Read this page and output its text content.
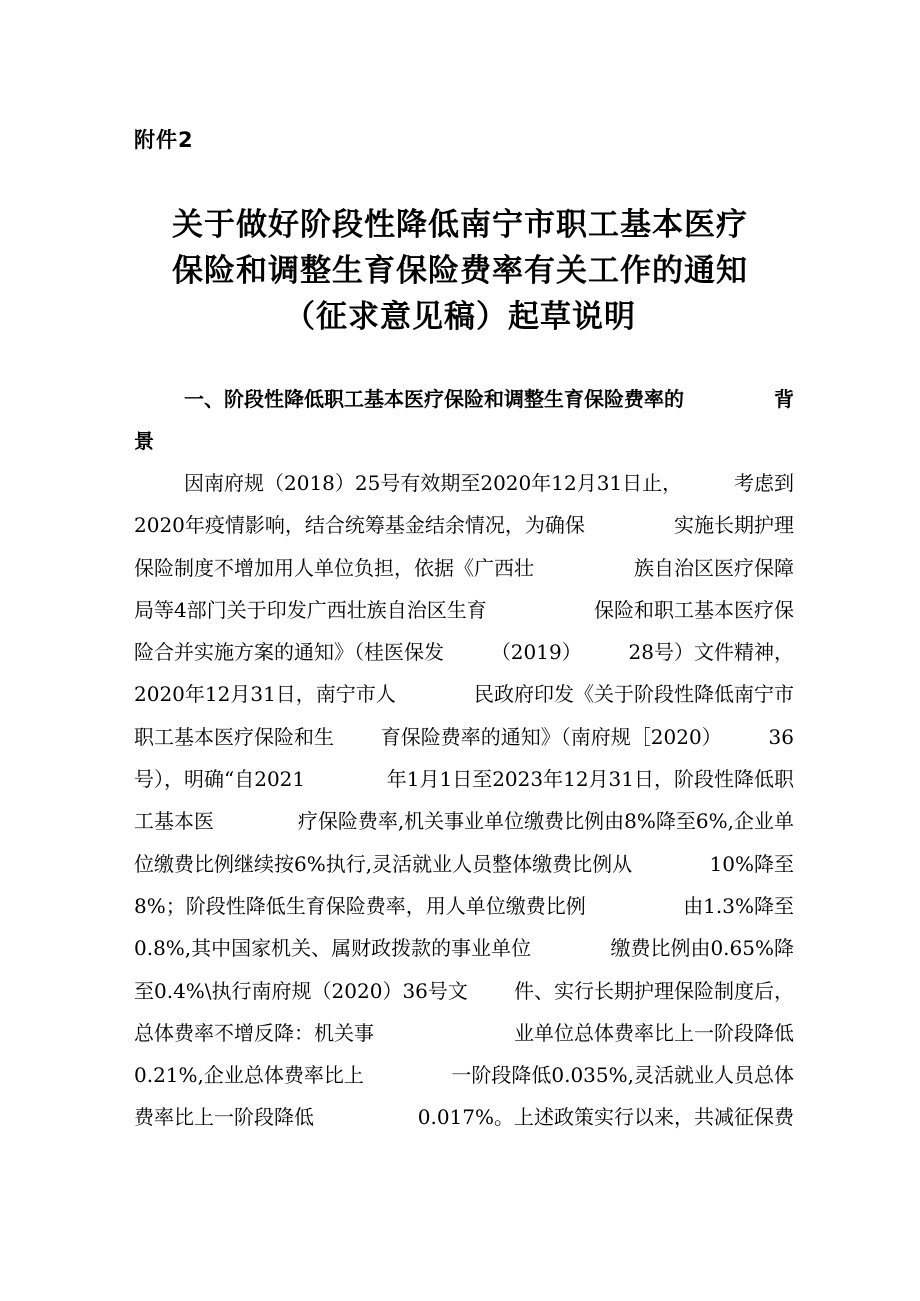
附件2
关于做好阶段性降低南宁市职工基本医疗
保险和调整生育保险费率有关工作的通知
（征求意见稿）起草说明
一、阶段性降低职工基本医疗保险和调整生育保险费率的	背
景
因南府规（2018）25号有效期至2020年12月31日止，	考虑到
2020年疫情影响，结合统筹基金结余情况，为确保	实施长期护理
保险制度不增加用人单位负担，依据《广西壮	族自治区医疗保障
局等4部门关于印发广西壮族自治区生育	保险和职工基本医疗保
险合并实施方案的通知》（桂医保发 （2019） 28号）文件精神，
2020年12月31日，南宁市人	民政府印发《关于阶段性降低南宁市
职工基本医疗保险和生 育保险费率的通知》（南府规［2020） 36
号），明确“自2021	年1月1日至2023年12月31日，阶段性降低职
工基本医	疗保险费率,机关事业单位缴费比例由8%降至6%,企业单
位缴费比例继续按6%执行,灵活就业人员整体缴费比例从	10%降至
8%；阶段性降低生育保险费率，用人单位缴费比例	由1.3%降至
0.8%,其中国家机关、属财政拨款的事业单位	缴费比例由0.65%降
至0.4%\执行南府规（2020）36号文 件、实行长期护理保险制度后，
总体费率不增反降：机关事	业单位总体费率比上一阶段降低
0.21%,企业总体费率比上	一阶段降低0.035%,灵活就业人员总体
费率比上一阶段降低	0.017%。上述政策实行以来，共减征保费
